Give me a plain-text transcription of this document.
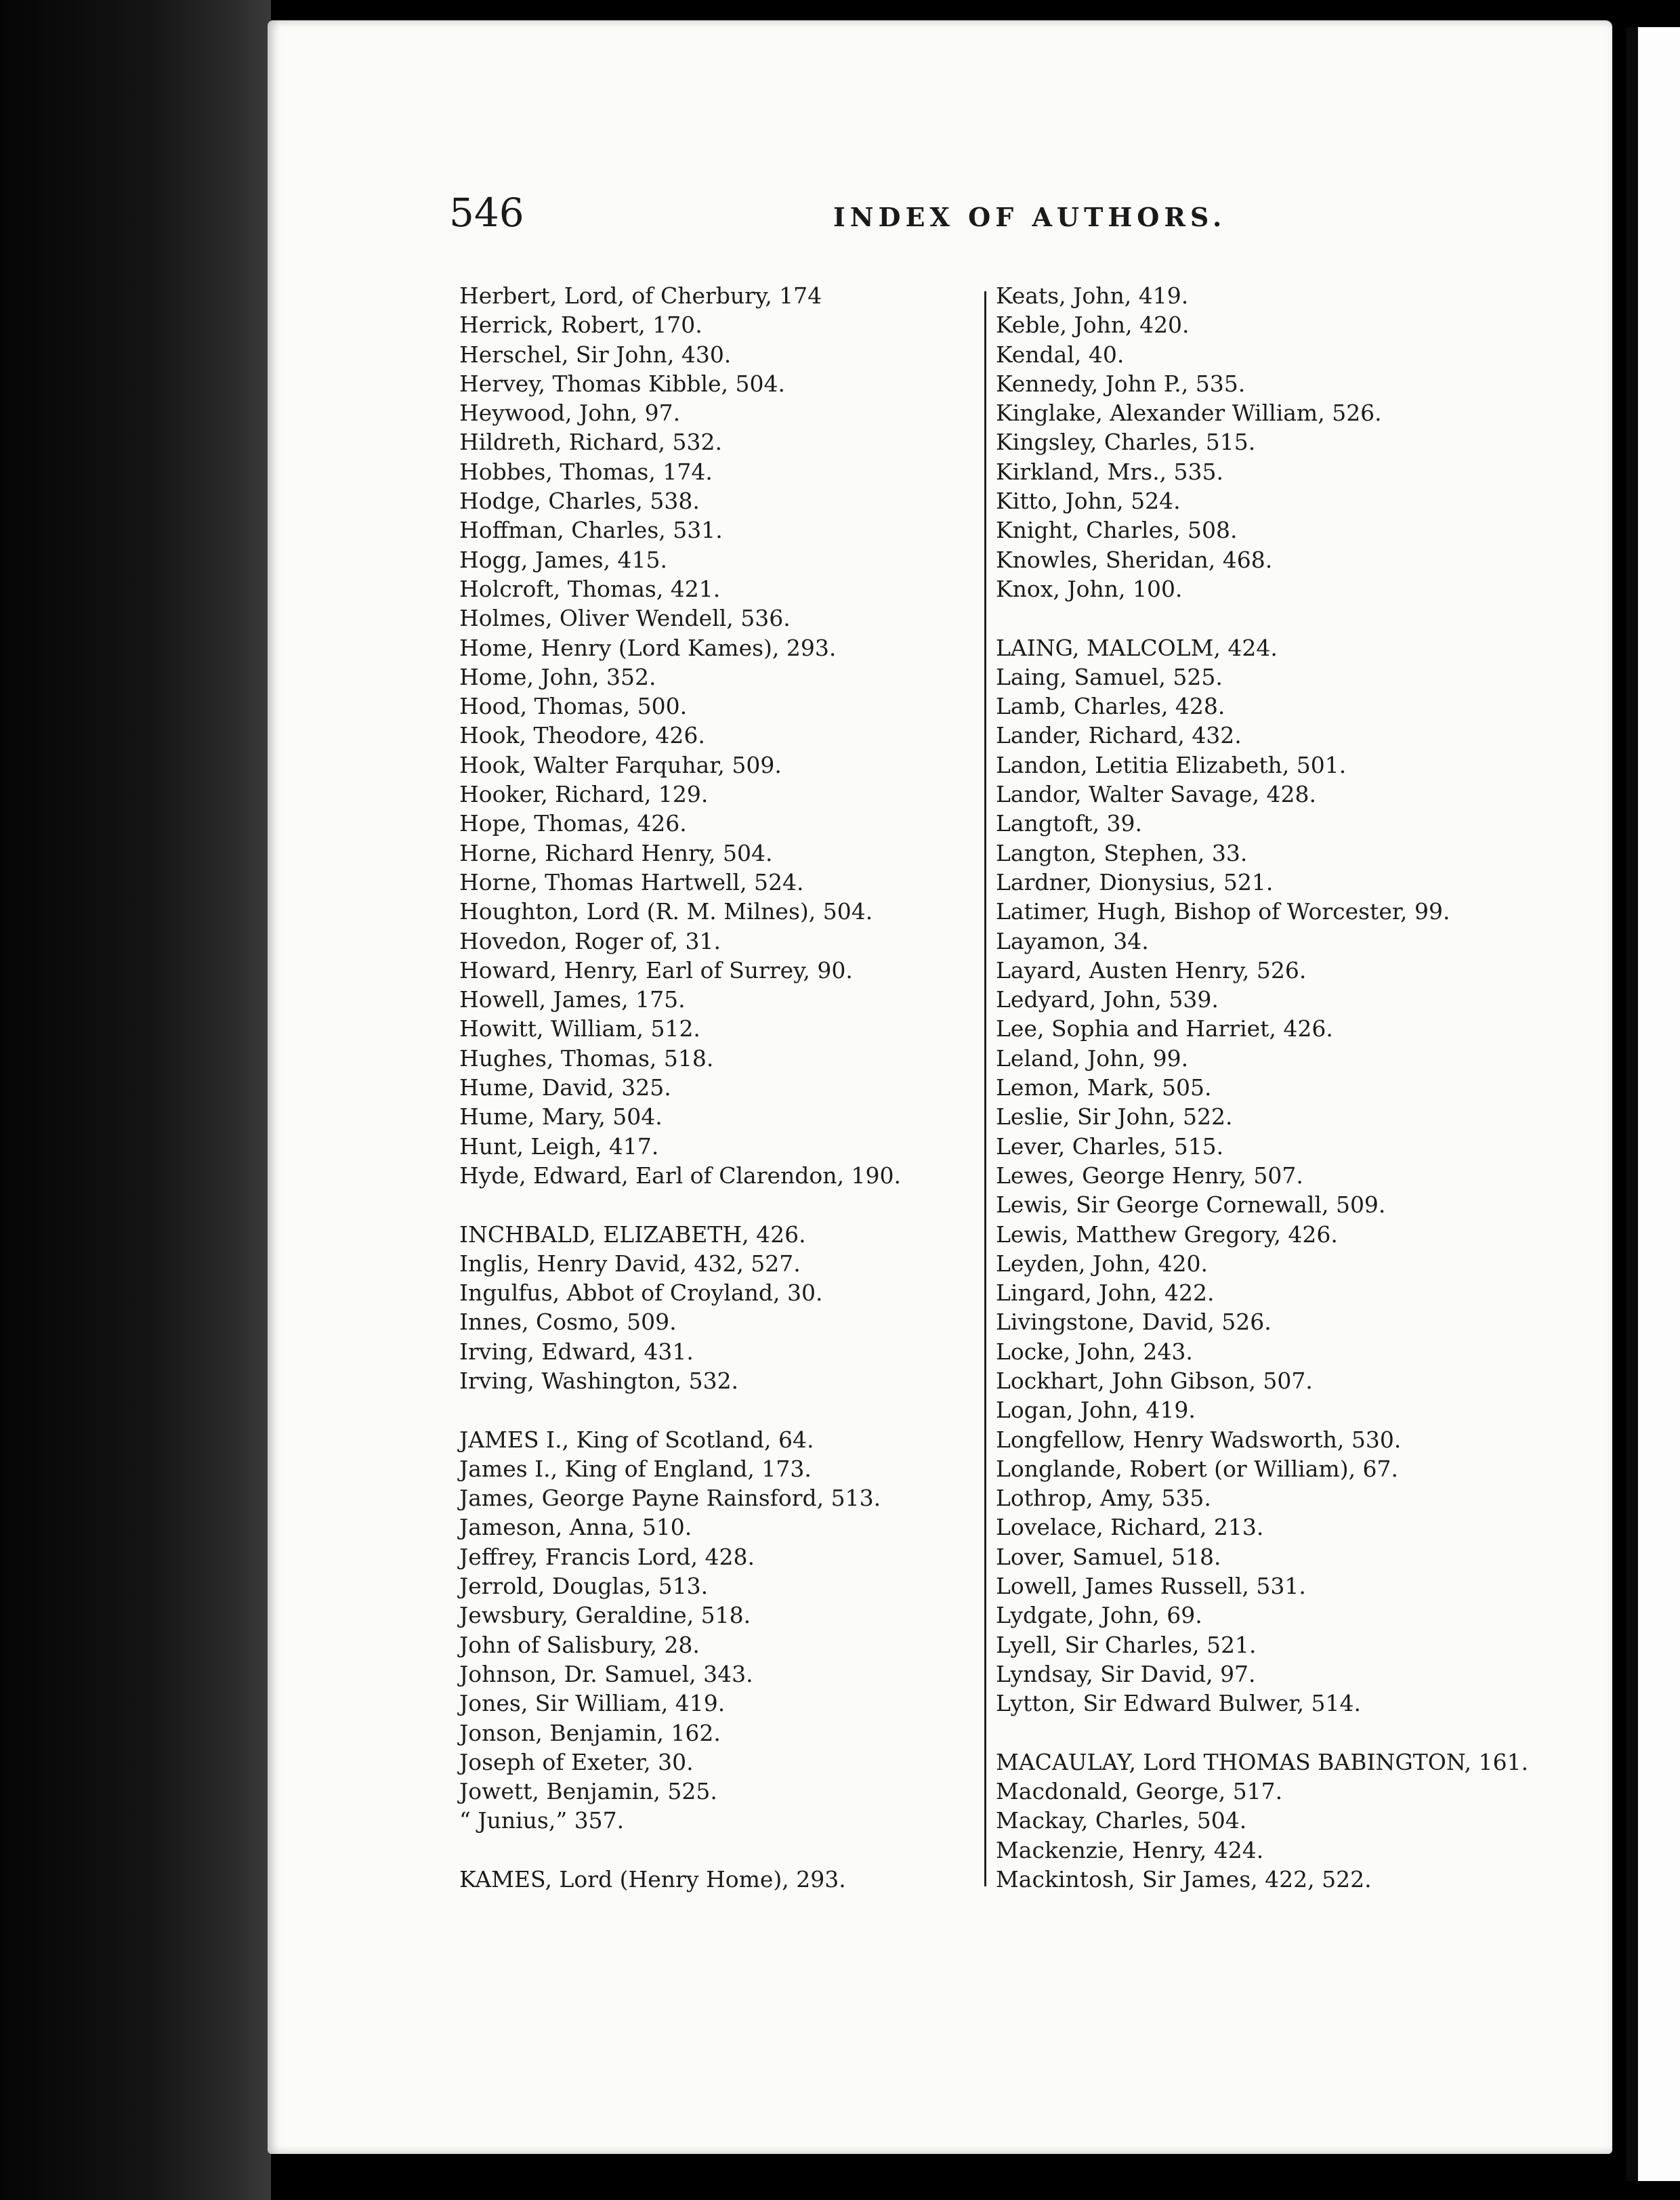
546	INDEX OF AUTHORS.
Herbert, Lord, of Cherbury, 174
Herrick, Robert, 170.
Herschel, Sir John, 430.
Hervey, Thomas Kibble, 504.
Heywood, John, 97.
Hildreth, Richard, 532.
Hobbes, Thomas, 174.
Hodge, Charles, 538.
Hoffman, Charles, 531.
Hogg, James, 415.
Holcroft, Thomas, 421.
Holmes, Oliver Wendell, 536.
Home, Henry (Lord Kames), 293.
Home, John, 352.
Hood, Thomas, 500.
Hook, Theodore, 426.
Hook, Walter Farquhar, 509.
Hooker, Richard, 129.
Hope, Thomas, 426.
Horne, Richard Henry, 504.
Horne, Thomas Hartwell, 524.
Houghton, Lord (R. M. Milnes), 504.
Hovedon, Roger of, 31.
Howard, Henry, Earl of Surrey, 90.
Howell, James, 175.
Howitt, William, 512.
Hughes, Thomas, 518.
Hume, David, 325.
Hume, Mary, 504.
Hunt, Leigh, 417.
Hyde, Edward, Earl of Clarendon, 190.
INCHBALD, ELIZABETH, 426.
Inglis, Henry David, 432, 527.
Ingulfus, Abbot of Croyland, 30.
Innes, Cosmo, 509.
Irving, Edward, 431.
Irving, Washington, 532.
JAMES I., King of Scotland, 64.
James I., King of England, 173.
James, George Payne Rainsford, 513.
Jameson, Anna, 510.
Jeffrey, Francis Lord, 428.
Jerrold, Douglas, 513.
Jewsbury, Geraldine, 518.
John of Salisbury, 28.
Johnson, Dr. Samuel, 343.
Jones, Sir William, 419.
Jonson, Benjamin, 162.
Joseph of Exeter, 30.
Jowett, Benjamin, 525.
“ Junius,” 357.
KAMES, Lord (Henry Home), 293.
Keats, John, 419.
Keble, John, 420.
Kendal, 40.
Kennedy, John P., 535.
Kinglake, Alexander William, 526.
Kingsley, Charles, 515.
Kirkland, Mrs., 535.
Kitto, John, 524.
Knight, Charles, 508.
Knowles, Sheridan, 468.
Knox, John, 100.
LAING, MALCOLM, 424.
Laing, Samuel, 525.
Lamb, Charles, 428.
Lander, Richard, 432.
Landon, Letitia Elizabeth, 501.
Landor, Walter Savage, 428.
Langtoft, 39.
Langton, Stephen, 33.
Lardner, Dionysius, 521.
Latimer, Hugh, Bishop of Worcester, 99.
Layamon, 34.
Layard, Austen Henry, 526.
Ledyard, John, 539.
Lee, Sophia and Harriet, 426.
Leland, John, 99.
Lemon, Mark, 505.
Leslie, Sir John, 522.
Lever, Charles, 515.
Lewes, George Henry, 507.
Lewis, Sir George Cornewall, 509.
Lewis, Matthew Gregory, 426.
Leyden, John, 420.
Lingard, John, 422.
Livingstone, David, 526.
Locke, John, 243.
Lockhart, John Gibson, 507.
Logan, John, 419.
Longfellow, Henry Wadsworth, 530.
Longlande, Robert (or William), 67.
Lothrop, Amy, 535.
Lovelace, Richard, 213.
Lover, Samuel, 518.
Lowell, James Russell, 531.
Lydgate, John, 69.
Lyell, Sir Charles, 521.
Lyndsay, Sir David, 97.
Lytton, Sir Edward Bulwer, 514.
MACAULAY, Lord THOMAS BABINGTON, 161.
Macdonald, George, 517.
Mackay, Charles, 504.
Mackenzie, Henry, 424.
Mackintosh, Sir James, 422, 522.
